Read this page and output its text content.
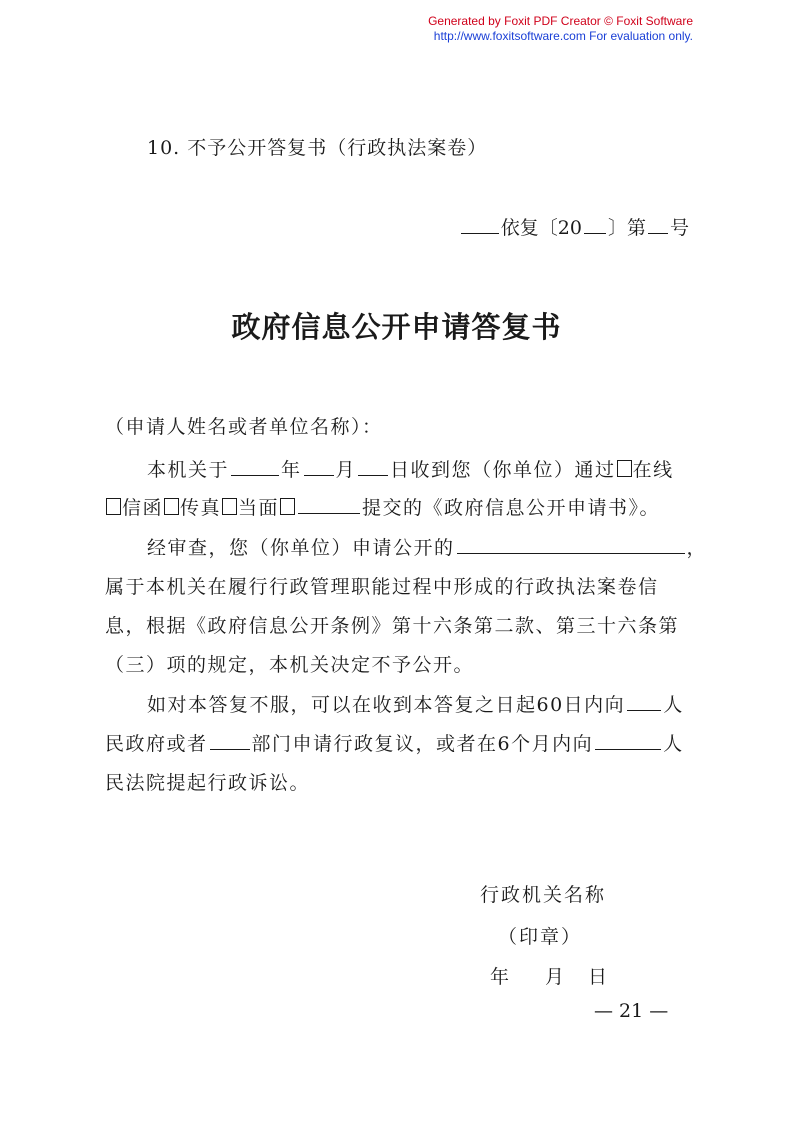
Generated by Foxit PDF Creator © Foxit Software
http://www.foxitsoftware.com For evaluation only.
10. 不予公开答复书（行政执法案卷）
依复〔20 〕第 号
政府信息公开申请答复书
（申请人姓名或者单位名称）：
本机关于	年 月 日收到您（你单位）通过 在线
信函 传真 当面	提交的《政府信息公开申请书》。
经审查，您（你单位）申请公开的	，
属于本机关在履行行政管理职能过程中形成的行政执法案卷信
息，根据《政府信息公开条例》第十六条第二款、第三十六条第
（三）项的规定，本机关决定不予公开。
如对本答复不服，可以在收到本答复之日起60日内向 人
民政府或者 部门申请行政复议，或者在6个月内向	人
民法院提起行政诉讼。
行政机关名称
（印章）
年 月 日
— 21 —
